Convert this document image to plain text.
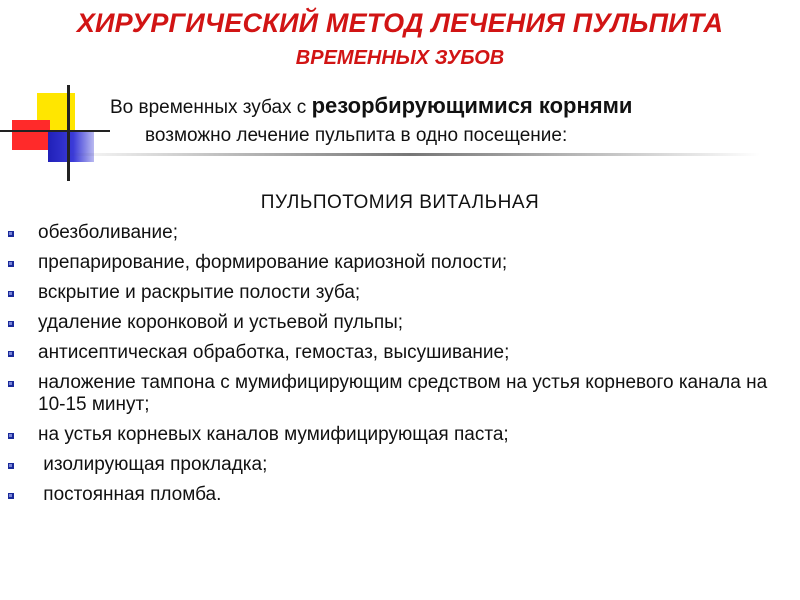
ХИРУРГИЧЕСКИЙ МЕТОД ЛЕЧЕНИЯ ПУЛЬПИТА
ВРЕМЕННЫХ ЗУБОВ
Во временных зубах с резорбирующимися корнями
возможно лечение пульпита в одно посещение:
ПУЛЬПОТОМИЯ ВИТАЛЬНАЯ
обезболивание;
препарирование, формирование кариозной полости;
вскрытие и раскрытие полости зуба;
удаление коронковой и устьевой пульпы;
антисептическая обработка, гемостаз, высушивание;
наложение тампона с мумифицирующим средством на устья корневого канала на 10-15 минут;
на устья корневых каналов мумифицирующая паста;
изолирующая прокладка;
постоянная пломба.
